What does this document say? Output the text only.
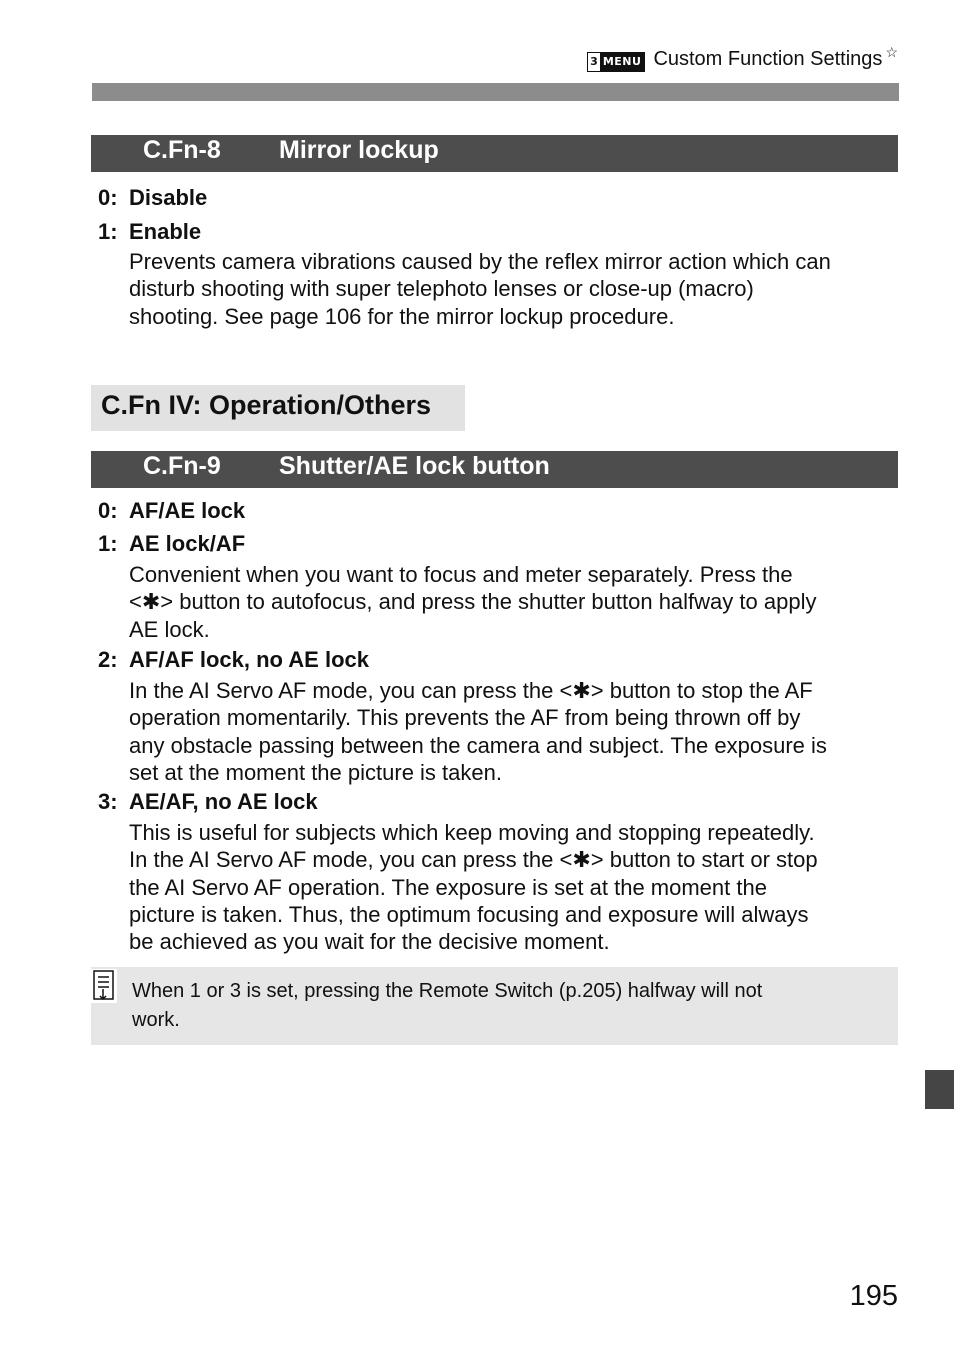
3 MENU Custom Function Settings ☆
C.Fn-8 Mirror lockup
0: Disable
1: Enable
Prevents camera vibrations caused by the reflex mirror action which can
disturb shooting with super telephoto lenses or close-up (macro)
shooting. See page 106 for the mirror lockup procedure.
C.Fn IV: Operation/Others
C.Fn-9 Shutter/AE lock button
0: AF/AE lock
1: AE lock/AF
Convenient when you want to focus and meter separately. Press the
<✱> button to autofocus, and press the shutter button halfway to apply
AE lock.
2: AF/AF lock, no AE lock
In the AI Servo AF mode, you can press the <✱> button to stop the AF
operation momentarily. This prevents the AF from being thrown off by
any obstacle passing between the camera and subject. The exposure is
set at the moment the picture is taken.
3: AE/AF, no AE lock
This is useful for subjects which keep moving and stopping repeatedly.
In the AI Servo AF mode, you can press the <✱> button to start or stop
the AI Servo AF operation. The exposure is set at the moment the
picture is taken. Thus, the optimum focusing and exposure will always
be achieved as you wait for the decisive moment.
When 1 or 3 is set, pressing the Remote Switch (p.205) halfway will not
work.
195
